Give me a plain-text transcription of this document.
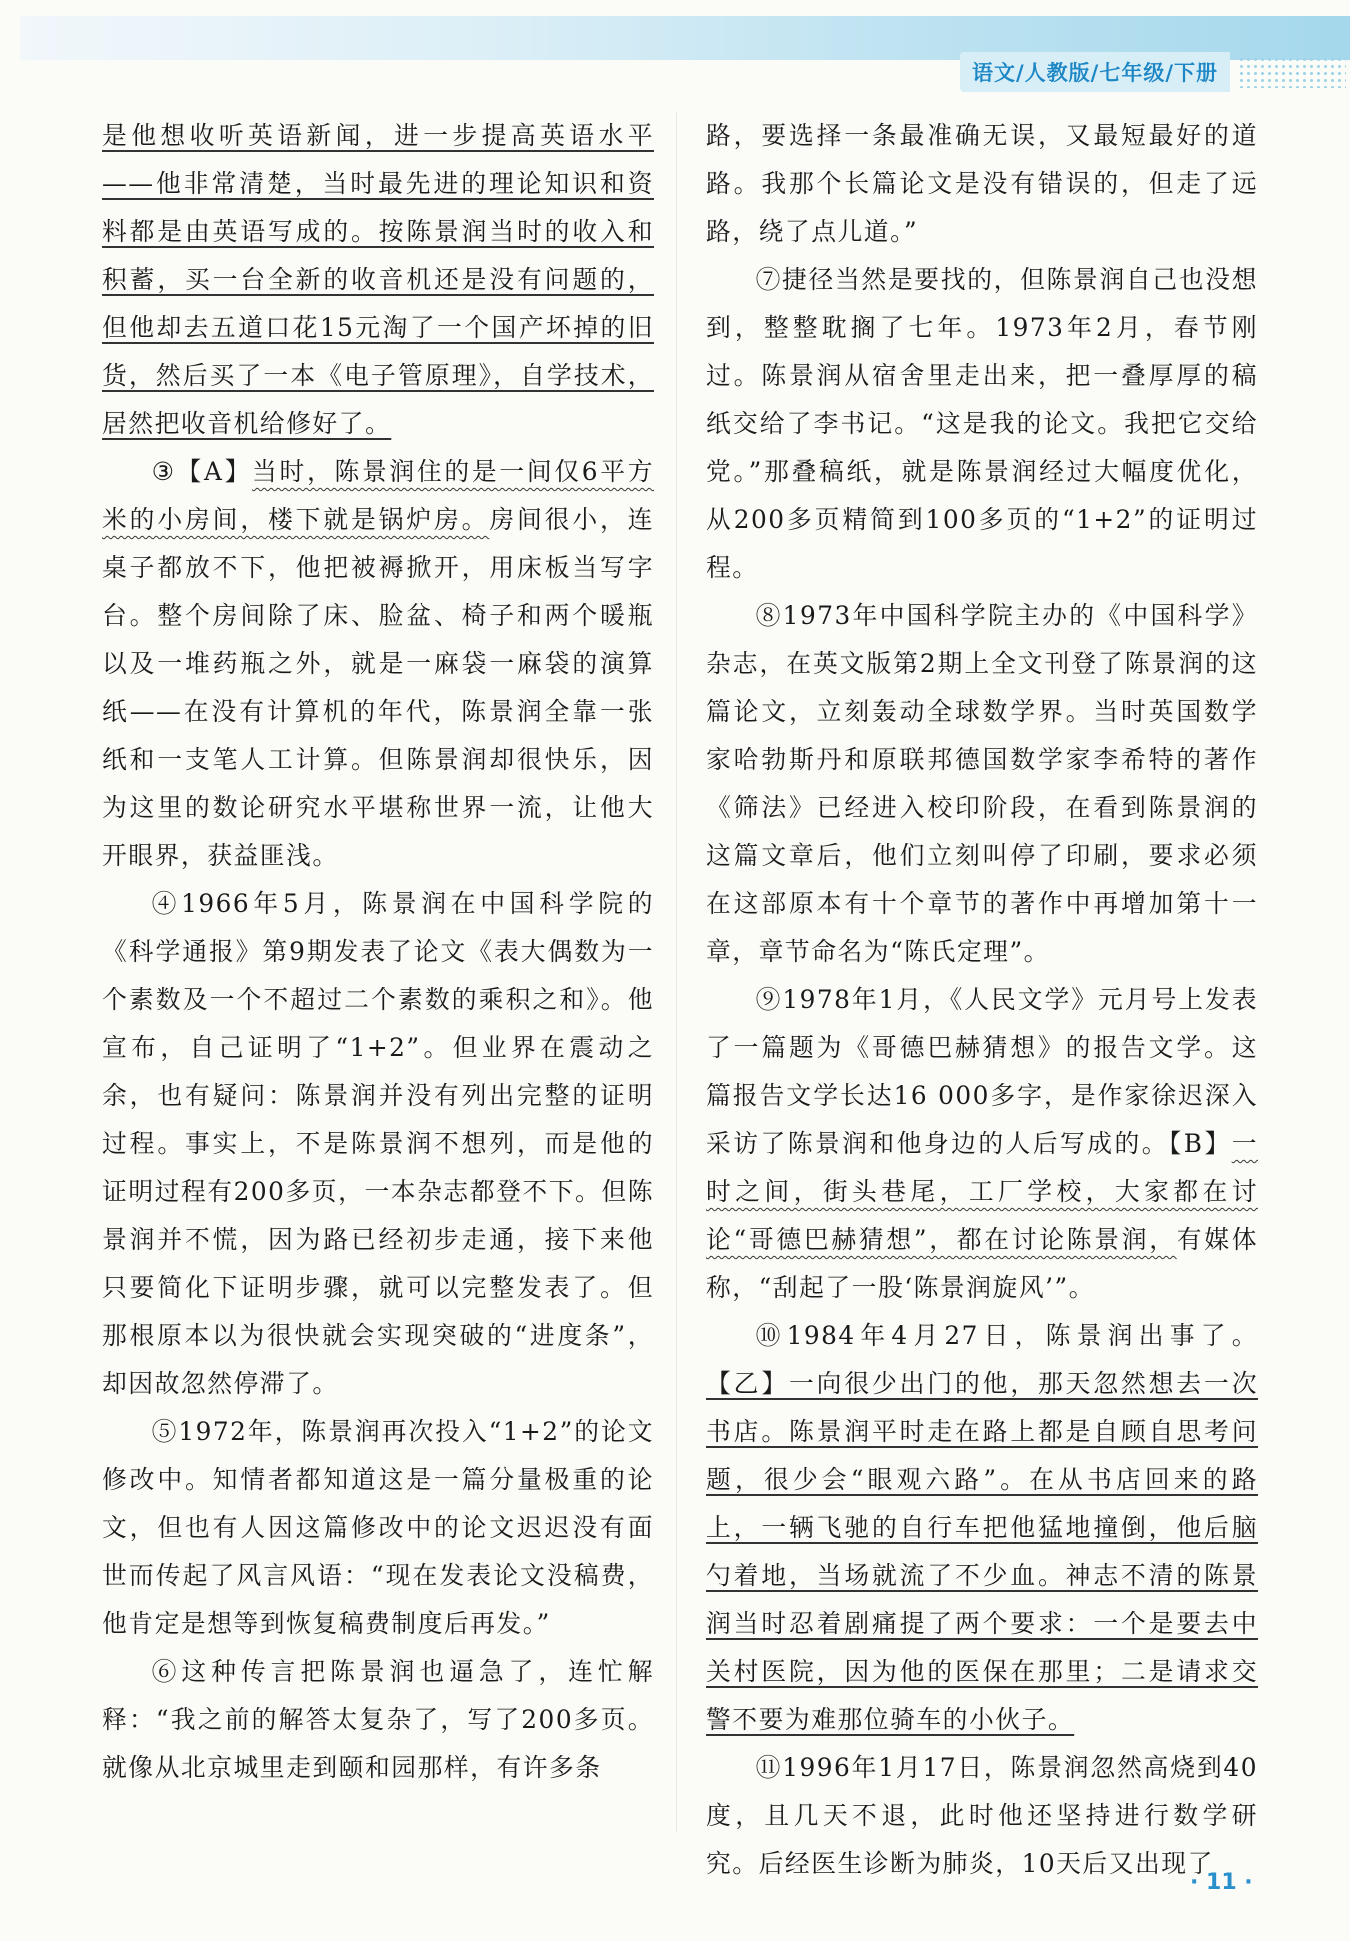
语文/人教版/七年级/下册

是他想收听英语新闻，进一步提高英语水平——他非常清楚，当时最先进的理论知识和资料都是由英语写成的。按陈景润当时的收入和积蓄，买一台全新的收音机还是没有问题的，但他却去五道口花15元淘了一个国产坏掉的旧货，然后买了一本《电子管原理》，自学技术，居然把收音机给修好了。

③【A】当时，陈景润住的是一间仅6平方米的小房间，楼下就是锅炉房。房间很小，连桌子都放不下，他把被褥掀开，用床板当写字台。整个房间除了床、脸盆、椅子和两个暖瓶以及一堆药瓶之外，就是一麻袋一麻袋的演算纸——在没有计算机的年代，陈景润全靠一张纸和一支笔人工计算。但陈景润却很快乐，因为这里的数论研究水平堪称世界一流，让他大开眼界，获益匪浅。

④1966年5月，陈景润在中国科学院的《科学通报》第9期发表了论文《表大偶数为一个素数及一个不超过二个素数的乘积之和》。他宣布，自己证明了“1+2”。但业界在震动之余，也有疑问：陈景润并没有列出完整的证明过程。事实上，不是陈景润不想列，而是他的证明过程有200多页，一本杂志都登不下。但陈景润并不慌，因为路已经初步走通，接下来他只要简化下证明步骤，就可以完整发表了。但那根原本以为很快就会实现突破的“进度条”，却因故忽然停滞了。

⑤1972年，陈景润再次投入“1+2”的论文修改中。知情者都知道这是一篇分量极重的论文，但也有人因这篇修改中的论文迟迟没有面世而传起了风言风语：“现在发表论文没稿费，他肯定是想等到恢复稿费制度后再发。”

⑥这种传言把陈景润也逼急了，连忙解释：“我之前的解答太复杂了，写了200多页。就像从北京城里走到颐和园那样，有许多条

路，要选择一条最准确无误，又最短最好的道路。我那个长篇论文是没有错误的，但走了远路，绕了点儿道。”

⑦捷径当然是要找的，但陈景润自己也没想到，整整耽搁了七年。1973年2月，春节刚过。陈景润从宿舍里走出来，把一叠厚厚的稿纸交给了李书记。“这是我的论文。我把它交给党。”那叠稿纸，就是陈景润经过大幅度优化，从200多页精简到100多页的“1+2”的证明过程。

⑧1973年中国科学院主办的《中国科学》杂志，在英文版第2期上全文刊登了陈景润的这篇论文，立刻轰动全球数学界。当时英国数学家哈勃斯丹和原联邦德国数学家李希特的著作《筛法》已经进入校印阶段，在看到陈景润的这篇文章后，他们立刻叫停了印刷，要求必须在这部原本有十个章节的著作中再增加第十一章，章节命名为“陈氏定理”。

⑨1978年1月，《人民文学》元月号上发表了一篇题为《哥德巴赫猜想》的报告文学。这篇报告文学长达16 000多字，是作家徐迟深入采访了陈景润和他身边的人后写成的。【B】一时之间，街头巷尾，工厂学校，大家都在讨论“哥德巴赫猜想”，都在讨论陈景润，有媒体称，“刮起了一股‘陈景润旋风’”。

⑩1984年4月27日，陈景润出事了。【乙】一向很少出门的他，那天忽然想去一次书店。陈景润平时走在路上都是自顾自思考问题，很少会“眼观六路”。在从书店回来的路上，一辆飞驰的自行车把他猛地撞倒，他后脑勺着地，当场就流了不少血。神志不清的陈景润当时忍着剧痛提了两个要求：一个是要去中关村医院，因为他的医保在那里；二是请求交警不要为难那位骑车的小伙子。

⑪1996年1月17日，陈景润忽然高烧到40度，且几天不退，此时他还坚持进行数学研究。后经医生诊断为肺炎，10天后又出现了

· 11 ·
